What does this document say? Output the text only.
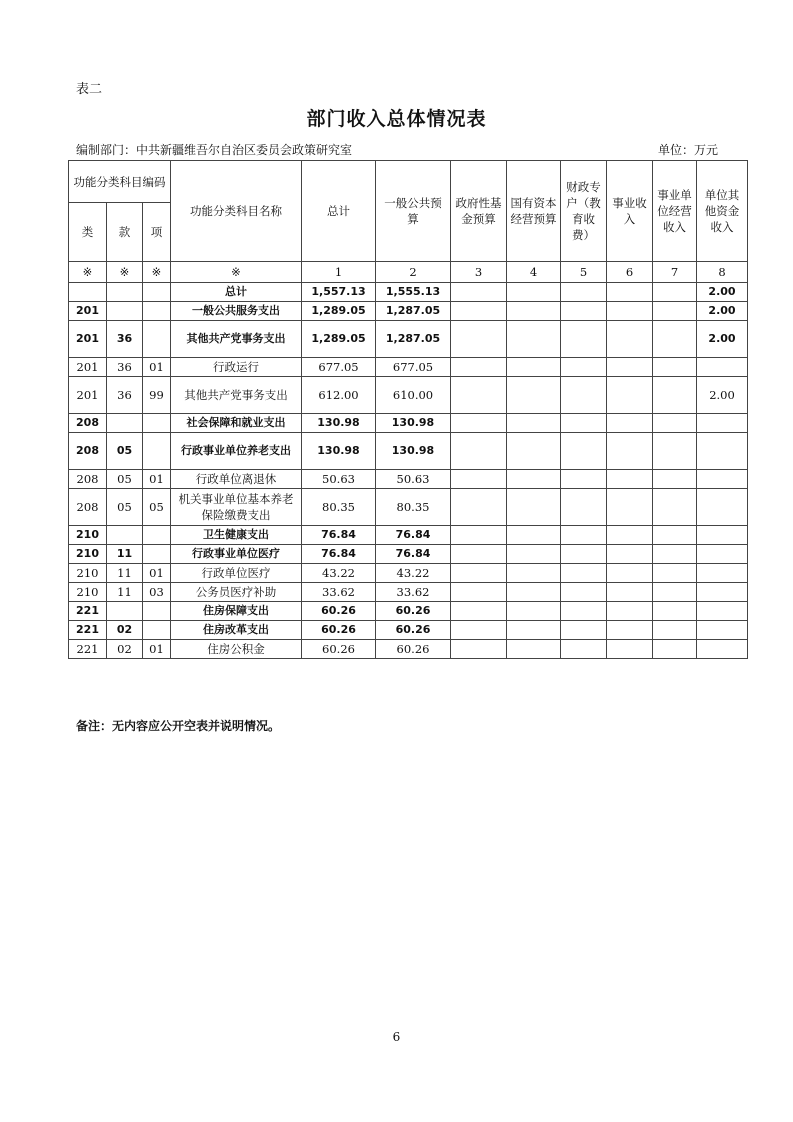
表二
部门收入总体情况表
编制部门：中共新疆维吾尔自治区委员会政策研究室	单位：万元
功能分类科目编码			功能分类科目名称	总计	一般公共预算	政府性基金预算	国有资本经营预算	财政专户（教育收费）	事业收入	事业单位经营收入	单位其他资金收入
类	款	项									
※	※	※	※	1	2	3	4	5	6	7	8
			总计	1,557.13	1,555.13						2.00
201			一般公共服务支出	1,289.05	1,287.05						2.00
201	36		其他共产党事务支出	1,289.05	1,287.05						2.00
201	36	01	行政运行	677.05	677.05						
201	36	99	其他共产党事务支出	612.00	610.00						2.00
208			社会保障和就业支出	130.98	130.98						
208	05		行政事业单位养老支出	130.98	130.98						
208	05	01	行政单位离退休	50.63	50.63						
208	05	05	机关事业单位基本养老保险缴费支出	80.35	80.35						
210			卫生健康支出	76.84	76.84						
210	11		行政事业单位医疗	76.84	76.84						
210	11	01	行政单位医疗	43.22	43.22						
210	11	03	公务员医疗补助	33.62	33.62						
221			住房保障支出	60.26	60.26						
221	02		住房改革支出	60.26	60.26						
221	02	01	住房公积金	60.26	60.26						
备注：无内容应公开空表并说明情况。
6
